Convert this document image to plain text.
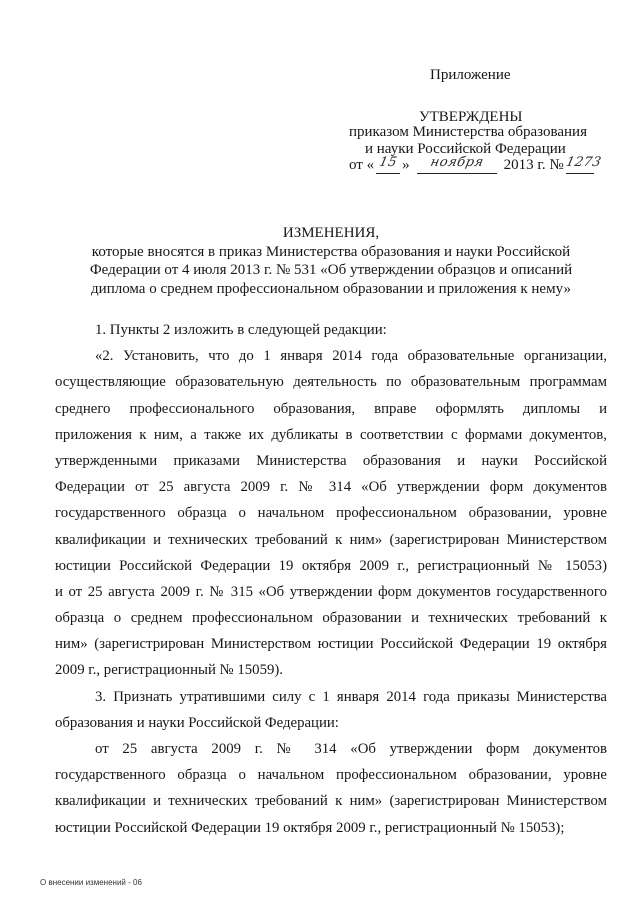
Приложение
УТВЕРЖДЕНЫ
приказом Министерства образования
и науки Российской Федерации
от « 15 »	ноября	2013 г. № 1273
ИЗМЕНЕНИЯ,
которые вносятся в приказ Министерства образования и науки Российской
Федерации от 4 июля 2013 г. № 531 «Об утверждении образцов и описаний
диплома о среднем профессиональном образовании и приложения к нему»
1. Пункты 2 изложить в следующей редакции:
«2. Установить, что до 1 января 2014 года образовательные организации,
осуществляющие образовательную деятельность по образовательным программам
среднего профессионального образования, вправе оформлять дипломы и
приложения к ним, а также их дубликаты в соответствии с формами документов,
утвержденными приказами Министерства образования и науки Российской
Федерации от 25 августа 2009 г. № 314 «Об утверждении форм документов
государственного образца о начальном профессиональном образовании, уровне
квалификации и технических требований к ним» (зарегистрирован Министерством
юстиции Российской Федерации 19 октября 2009 г., регистрационный № 15053)
и от 25 августа 2009 г. № 315 «Об утверждении форм документов государственного
образца о среднем профессиональном образовании и технических требований к
ним» (зарегистрирован Министерством юстиции Российской Федерации 19 октября
2009 г., регистрационный № 15059).
3. Признать утратившими силу с 1 января 2014 года приказы Министерства
образования и науки Российской Федерации:
от 25 августа 2009 г. № 314 «Об утверждении форм документов
государственного образца о начальном профессиональном образовании, уровне
квалификации и технических требований к ним» (зарегистрирован Министерством
юстиции Российской Федерации 19 октября 2009 г., регистрационный № 15053);
О внесении изменений - 06
